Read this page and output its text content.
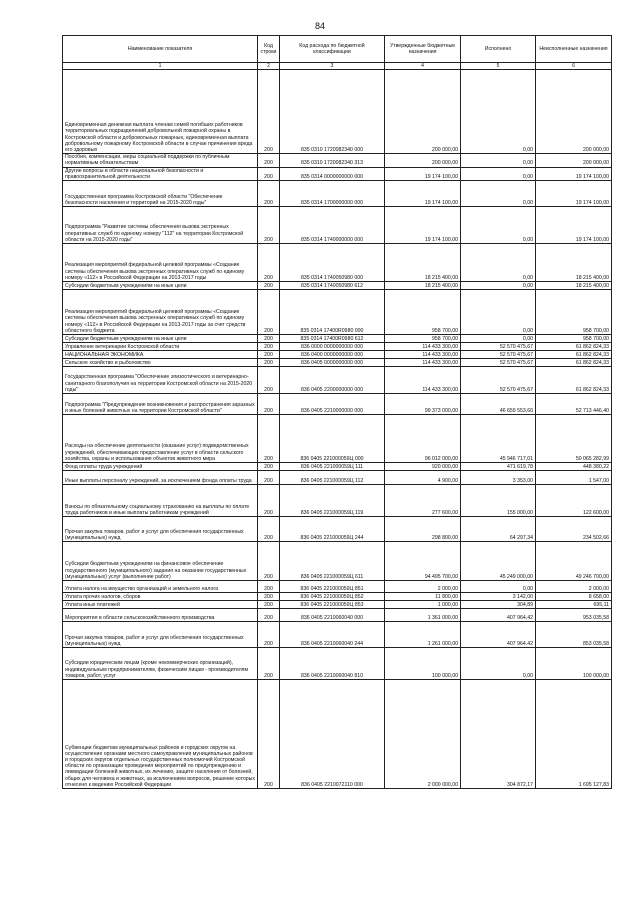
84
Наименование показателя	Код строки	Код расхода по бюджетной классификации	Утвержденные бюджетные назначения	Исполнено	Неисполненные назначения
1	2	3	4	5	6
Единовременная денежная выплата членам семей погибших работников территориальных подразделений добровольной пожарной охраны в Костромской области и добровольных пожарных, единовременная выплата добровольному пожарному Костромской области в случае причинения вреда его здоровью	200	835 0310 1720082340 000	200 000,00	0,00	200 000,00
Пособия, компенсации, меры социальной поддержки по публичным нормативным обязательствам	200	835 0310 1720082340 313	200 000,00	0,00	200 000,00
Другие вопросы в области национальной безопасности и правоохранительной деятельности	200	835 0314 0000000000 000	19 174 100,00	0,00	19 174 100,00
Государственная программа Костромской области "Обеспечение безопасности населения и территорий на 2015-2020 годы"	200	835 0314 1700000000 000	19 174 100,00	0,00	19 174 100,00
Подпрограмма "Развитие системы обеспечения вызова экстренных оперативных служб по единому номеру "112" на территории Костромской области на 2015-2020 годы"	200	835 0314 1740000000 000	19 174 100,00	0,00	19 174 100,00
Реализация мероприятий федеральной целевой программы «Создание системы обеспечения вызова экстренных оперативных служб по единому номеру «112» в Российской Федерации на 2013-2017 годы	200	835 0314 1740050980 000	18 215 400,00	0,00	18 215 400,00
Субсидии бюджетным учреждениям на иные цели	200	835 0314 1740050980 612	18 215 400,00	0,00	18 215 400,00
Реализация мероприятий федеральной целевой программы «Создание системы обеспечения вызова экстренных оперативных служб по единому номеру «112» в Российской Федерации на 2013-2017 годы за счет средств областного бюджета	200	835 0314 17400R0980 000	958 700,00	0,00	958 700,00
Субсидии бюджетным учреждениям на иные цели	200	835 0314 17400R0980 612	958 700,00	0,00	958 700,00
Управление ветеринарии Костромской области	200	836 0000 0000000000 000	114 433 300,00	52 570 475,67	61 862 824,33
НАЦИОНАЛЬНАЯ ЭКОНОМИКА	200	836 0400 0000000000 000	114 433 300,00	52 570 475,67	61 862 824,33
Сельское хозяйство и рыболовство	200	836 0405 0000000000 000	114 433 300,00	52 570 475,67	61 862 824,33
Государственная программа "Обеспечение эпизоотического и ветеринарно-санитарного благополучия на территории Костромской области на 2015-2020 годы"	200	836 0405 2200000000 000	114 433 300,00	52 570 475,67	61 862 824,33
Подпрограмма "Предупреждение возникновения и распространения заразных и иных болезней животных на территории Костромской области"	200	836 0405 2210000000 000	99 373 000,00	46 659 553,60	52 713 446,40
Расходы на обеспечение деятельности (оказание услуг) подведомственных учреждений, обеспечивающих предоставление услуг в области сельского хозяйства, охраны и использования объектов животного мира	200	836 0405 221000059Ц 000	96 012 000,00	45 946 717,01	50 065 282,99
Фонд оплаты труда учреждений	200	836 0405 221000059Ц 111	920 000,00	471 619,78	448 380,22
Иные выплаты персоналу учреждений, за исключением фонда оплаты труда	200	836 0405 221000059Ц 112	4 900,00	3 353,00	1 547,00
Взносы по обязательному социальному страхованию на выплаты по оплате труда работников и иные выплаты работникам учреждений	200	836 0405 221000059Ц 119	277 600,00	155 000,00	122 600,00
Прочая закупка товаров, работ и услуг для обеспечения государственных (муниципальных) нужд	200	836 0405 221000059Ц 244	298 800,00	64 297,34	234 502,66
Субсидии бюджетным учреждениям на финансовое обеспечение государственного (муниципального) задания на оказание государственных (муниципальных) услуг (выполнение работ)	200	836 0405 221000059Ц 611	94 495 700,00	45 249 000,00	49 246 700,00
Уплата налога на имущество организаций и земельного налога	200	836 0405 221000059Ц 851	2 000,00	0,00	2 000,00
Уплата прочих налогов, сборов	200	836 0405 221000059Ц 852	11 800,00	3 142,00	8 658,00
Уплата иных платежей	200	836 0405 221000059Ц 853	1 000,00	304,89	695,11
Мероприятия в области сельскохозяйственного производства	200	836 0405 2210060040 000	1 361 000,00	407 964,42	953 035,58
Прочая закупка товаров, работ и услуг для обеспечения государственных (муниципальных) нужд	200	836 0405 2210060040 244	1 261 000,00	407 964,42	853 035,58
Субсидии юридическим лицам (кроме некоммерческих организаций), индивидуальным предпринимателям, физическим лицам - производителям товаров, работ, услуг	200	836 0405 2210060040 810	100 000,00	0,00	100 000,00
Субвенции бюджетам муниципальных районов и городских округов на осуществление органами местного самоуправления муниципальных районов и городских округов отдельных государственных полномочий Костромской области по организации проведения мероприятий по предупреждению и ликвидации болезней животных, их лечению, защите населения от болезней, общих для человека и животных, за исключением вопросов, решение которых отнесено к ведению Российской Федерации	200	836 0405 2210072110 000	2 000 000,00	304 872,17	1 695 127,83
